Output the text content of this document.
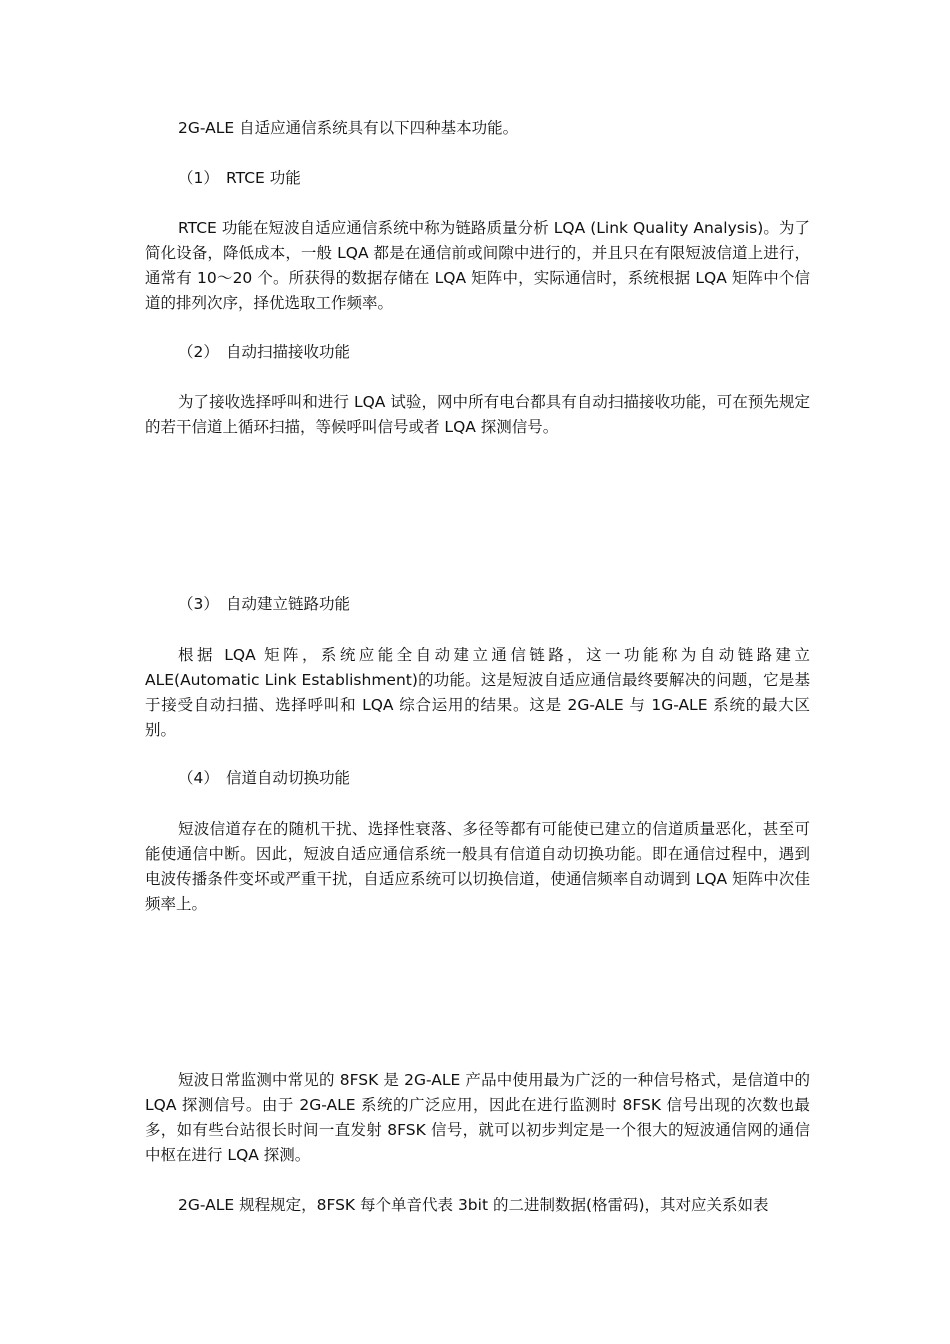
2G-ALE 自适应通信系统具有以下四种基本功能。

（1） RTCE 功能

RTCE 功能在短波自适应通信系统中称为链路质量分析 LQA (Link Quality Analysis)。为了简化设备，降低成本，一般 LQA 都是在通信前或间隙中进行的，并且只在有限短波信道上进行，通常有 10～20 个。所获得的数据存储在 LQA 矩阵中，实际通信时，系统根据 LQA 矩阵中个信道的排列次序，择优选取工作频率。

（2） 自动扫描接收功能

为了接收选择呼叫和进行 LQA 试验，网中所有电台都具有自动扫描接收功能，可在预先规定的若干信道上循环扫描，等候呼叫信号或者 LQA 探测信号。

（3） 自动建立链路功能

根据 LQA 矩阵，系统应能全自动建立通信链路，这一功能称为自动链路建立 ALE(Automatic Link Establishment)的功能。这是短波自适应通信最终要解决的问题，它是基于接受自动扫描、选择呼叫和 LQA 综合运用的结果。这是 2G-ALE 与 1G-ALE 系统的最大区别。

（4） 信道自动切换功能

短波信道存在的随机干扰、选择性衰落、多径等都有可能使已建立的信道质量恶化，甚至可能使通信中断。因此，短波自适应通信系统一般具有信道自动切换功能。即在通信过程中，遇到电波传播条件变坏或严重干扰，自适应系统可以切换信道，使通信频率自动调到 LQA 矩阵中次佳频率上。

短波日常监测中常见的 8FSK 是 2G-ALE 产品中使用最为广泛的一种信号格式，是信道中的 LQA 探测信号。由于 2G-ALE 系统的广泛应用，因此在进行监测时 8FSK 信号出现的次数也最多，如有些台站很长时间一直发射 8FSK 信号，就可以初步判定是一个很大的短波通信网的通信中枢在进行 LQA 探测。

2G-ALE 规程规定，8FSK 每个单音代表 3bit 的二进制数据(格雷码)，其对应关系如表
